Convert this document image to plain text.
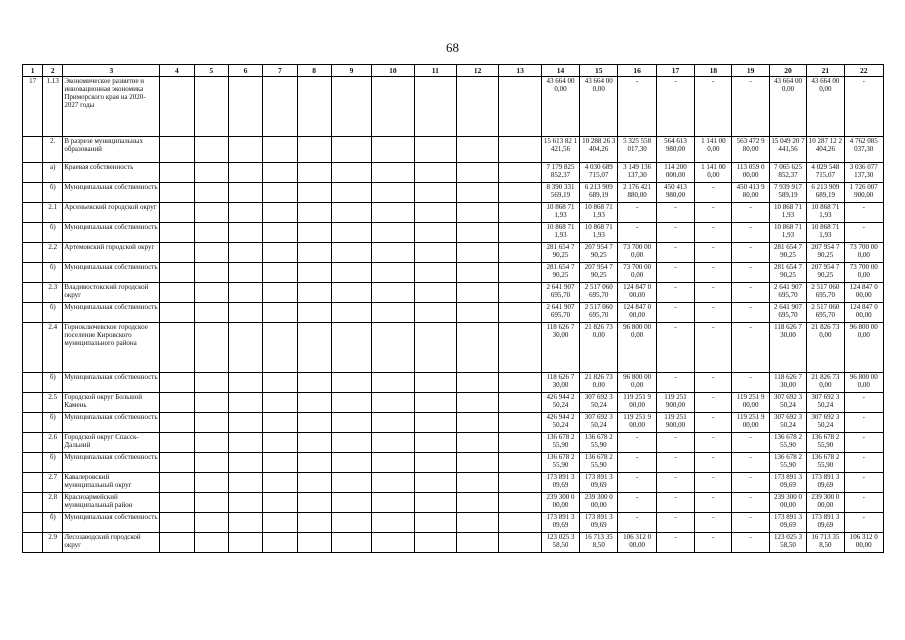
68
1	2	3	4	5	6	7	8	9	10	11	12	13	14	15	16	17	18	19	20	21	22
17	1.13	Экономическое развитие и инновационная экономика Приморского края на 2020-2027 годы											43 664 00 0,00	43 664 00 0,00	-	-	-	-	43 664 00 0,00	43 664 00 0,00	-
	2.	В разрезе муниципальных образований											15 613 82 1 421,56	10 288 26 3 404,26	5 325 558 017,30	564 613 980,00	1 141 00 0,00	563 472 9 80,00	15 049 20 7 441,56	10 287 12 2 404,26	4 762 085 037,30
	а)	Краевая собственность											7 179 825 852,37	4 030 689 715,07	3 149 136 137,30	114 200 000,00	1 141 00 0,00	113 059 0 00,00	7 065 625 852,37	4 029 548 715,07	3 036 077 137,30
	б)	Муниципальная собственность											8 390 331 569,19	6 213 909 689,19	2 176 421 880,00	450 413 980,00	-	450 413 9 80,00	7 939 917 589,19	6 213 909 689,19	1 726 007 900,00
	2.1	Арсеньевский городской округ											10 868 71 1,93	10 868 71 1,93	-	-	-	-	10 868 71 1,93	10 868 71 1,93	-
	б)	Муниципальная собственность											10 868 71 1,93	10 868 71 1,93	-	-	-	-	10 868 71 1,93	10 868 71 1,93	-
	2.2	Артемовский городской округ											281 654 7 90,25	207 954 7 90,25	73 700 00 0,00	-	-	-	281 654 7 90,25	207 954 7 90,25	73 700 00 0,00
	б)	Муниципальная собственность											281 654 7 90,25	207 954 7 90,25	73 700 00 0,00	-	-	-	281 654 7 90,25	207 954 7 90,25	73 700 00 0,00
	2.3	Владивостокский городской округ											2 641 907 695,70	2 517 060 695,70	124 847 0 00,00	-	-	-	2 641 907 695,70	2 517 060 695,70	124 847 0 00,00
	б)	Муниципальная собственность											2 641 907 695,70	2 517 060 695,70	124 847 0 00,00	-	-	-	2 641 907 695,70	2 517 060 695,70	124 847 0 00,00
	2.4	Горноключевское городское поселение Кировского муниципального района											118 626 7 30,00	21 826 73 0,00	96 800 00 0,00	-	-	-	118 626 7 30,00	21 826 73 0,00	96 800 00 0,00
	б)	Муниципальная собственность											118 626 7 30,00	21 826 73 0,00	96 800 00 0,00	-	-	-	118 626 7 30,00	21 826 73 0,00	96 800 00 0,00
	2.5	Городской округ Большой Камень											426 944 2 50,24	307 692 3 50,24	119 251 9 00,00	119 251 900,00	-	119 251 9 00,00	307 692 3 50,24	307 692 3 50,24	-
	б)	Муниципальная собственность											426 944 2 50,24	307 692 3 50,24	119 251 9 00,00	119 251 900,00	-	119 251 9 00,00	307 692 3 50,24	307 692 3 50,24	-
	2.6	Городской округ Спасск-Дальний											136 678 2 55,90	136 678 2 55,90	-	-	-	-	136 678 2 55,90	136 678 2 55,90	-
	б)	Муниципальная собственность											136 678 2 55,90	136 678 2 55,90	-	-	-	-	136 678 2 55,90	136 678 2 55,90	-
	2.7	Кавалеровский муниципальный округ											173 891 3 09,69	173 891 3 09,69	-	-	-	-	173 891 3 09,69	173 891 3 09,69	-
	2.8	Красноармейский муниципальный район											239 300 0 00,00	239 300 0 00,00	-	-	-	-	239 300 0 00,00	239 300 0 00,00	-
	б)	Муниципальная собственность											173 891 3 09,69	173 891 3 09,69	-	-	-	-	173 891 3 09,69	173 891 3 09,69	-
	2.9	Лесозаводский городской округ											123 025 3 58,50	16 713 35 8,50	106 312 0 00,00	-	-	-	123 025 3 58,50	16 713 35 8,50	106 312 0 00,00
